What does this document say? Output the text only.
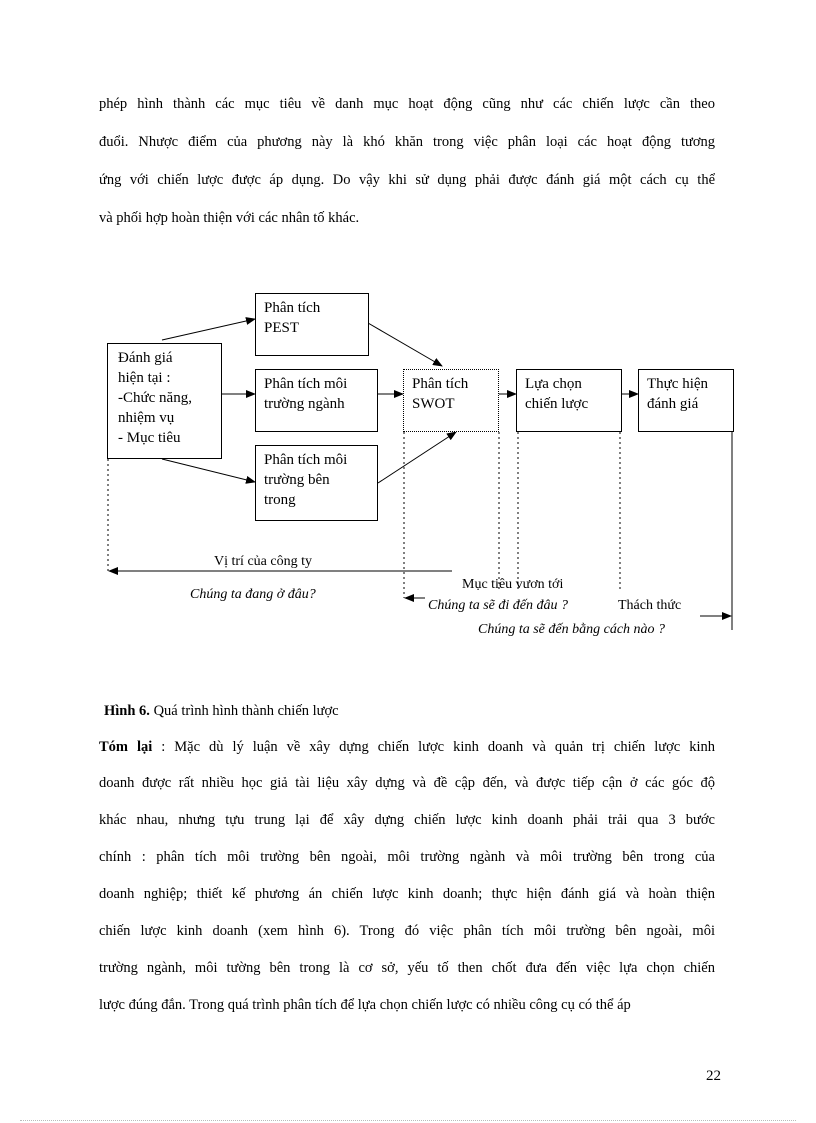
phép hình thành các mục tiêu về danh mục hoạt động cũng như các chiến lược cần theo
đuổi. Nhược điểm của phương này là khó khăn trong việc phân loại các hoạt động tương
ứng với chiến lược được áp dụng. Do vậy khi sử dụng phải được đánh giá một cách cụ thể
và phối hợp hoàn thiện với các nhân tố khác.
Đánh giá
hiện tại :
-Chức năng,
nhiệm vụ
- Mục tiêu
Phân tích
PEST
Phân tích môi
trường ngành
Phân tích môi
trường bên
trong
Phân tích
SWOT
Lựa chọn
chiến lược
Thực hiện
đánh giá
Vị trí của công ty
Chúng ta đang ở đâu?
Mục tiêu vươn tới
Chúng ta sẽ đi đến đâu ?	Thách thức
Chúng ta sẽ đến bằng cách nào ?
Hình 6. Quá trình hình thành chiến lược
Tóm lại : Mặc dù lý luận về xây dựng chiến lược kinh doanh và quản trị chiến lược kinh
doanh được rất nhiều học giả tài liệu xây dựng và đề cập đến, và được tiếp cận ở các góc độ
khác nhau, nhưng tựu trung lại để xây dựng chiến lược kinh doanh phải trải qua 3 bước
chính : phân tích môi trường bên ngoài, môi trường ngành và môi trường bên trong của
doanh nghiệp; thiết kế phương án chiến lược kinh doanh; thực hiện đánh giá và hoàn thiện
chiến lược kinh doanh (xem hình 6). Trong đó việc phân tích môi trường bên ngoài, môi
trường ngành, môi tường bên trong là cơ sở, yếu tố then chốt đưa đến việc lựa chọn chiến
lược đúng đắn. Trong quá trình phân tích để lựa chọn chiến lược có nhiều công cụ có thể áp
22
